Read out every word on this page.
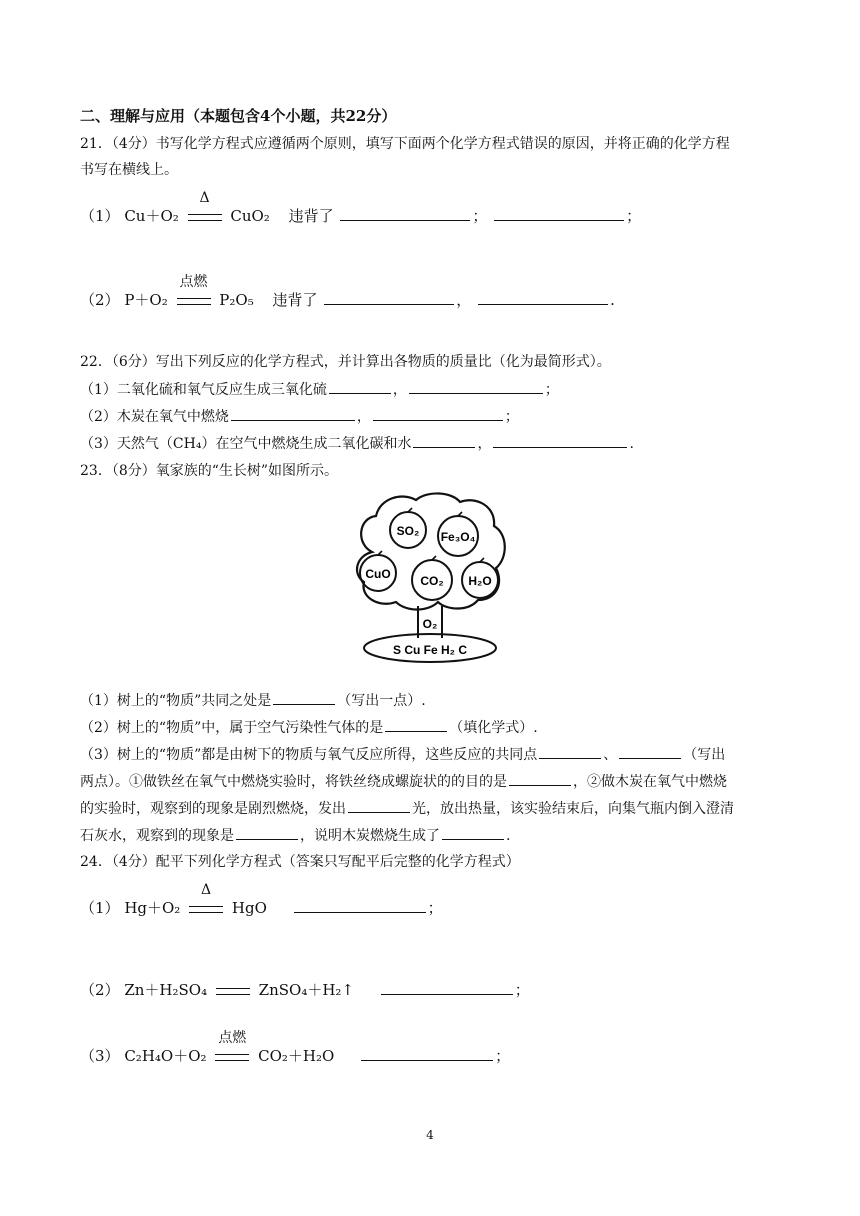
二、理解与应用（本题包含4个小题，共22分）
21．（4分）书写化学方程式应遵循两个原则，填写下面两个化学方程式错误的原因，并将正确的化学方程
书写在横线上。
（1） Cu＋O₂
Δ
CuO₂ 违背了	；	；
（2） P＋O₂
点燃
P₂O₅ 违背了	，	.
22．（6分）写出下列反应的化学方程式，并计算出各物质的质量比（化为最简形式）。
（1）二氧化硫和氧气反应生成三氧化硫	，	；
（2）木炭在氧气中燃烧	，	；
（3）天然气（CH₄）在空气中燃烧生成二氧化碳和水	，	.
23．（8分）氧家族的“生长树”如图所示。
SO₂ Fe₃O₄
CuO CO₂ H₂O
O₂
S Cu Fe H₂ C
（1）树上的“物质”共同之处是	（写出一点）.
（2）树上的“物质”中，属于空气污染性气体的是	（填化学式）.
（3）树上的“物质”都是由树下的物质与氧气反应所得，这些反应的共同点	、	（写出
两点）。①做铁丝在氧气中燃烧实验时，将铁丝绕成螺旋状的的目的是	，②做木炭在氧气中燃烧
的实验时，观察到的现象是剧烈燃烧，发出	光，放出热量，该实验结束后，向集气瓶内倒入澄清
石灰水，观察到的现象是	，说明木炭燃烧生成了	.
24．（4分）配平下列化学方程式（答案只写配平后完整的化学方程式）
（1） Hg＋O₂
Δ
HgO	；
（2） Zn＋H₂SO₄	ZnSO₄＋H₂↑	；
（3） C₂H₄O＋O₂
点燃
CO₂＋H₂O	；
4
